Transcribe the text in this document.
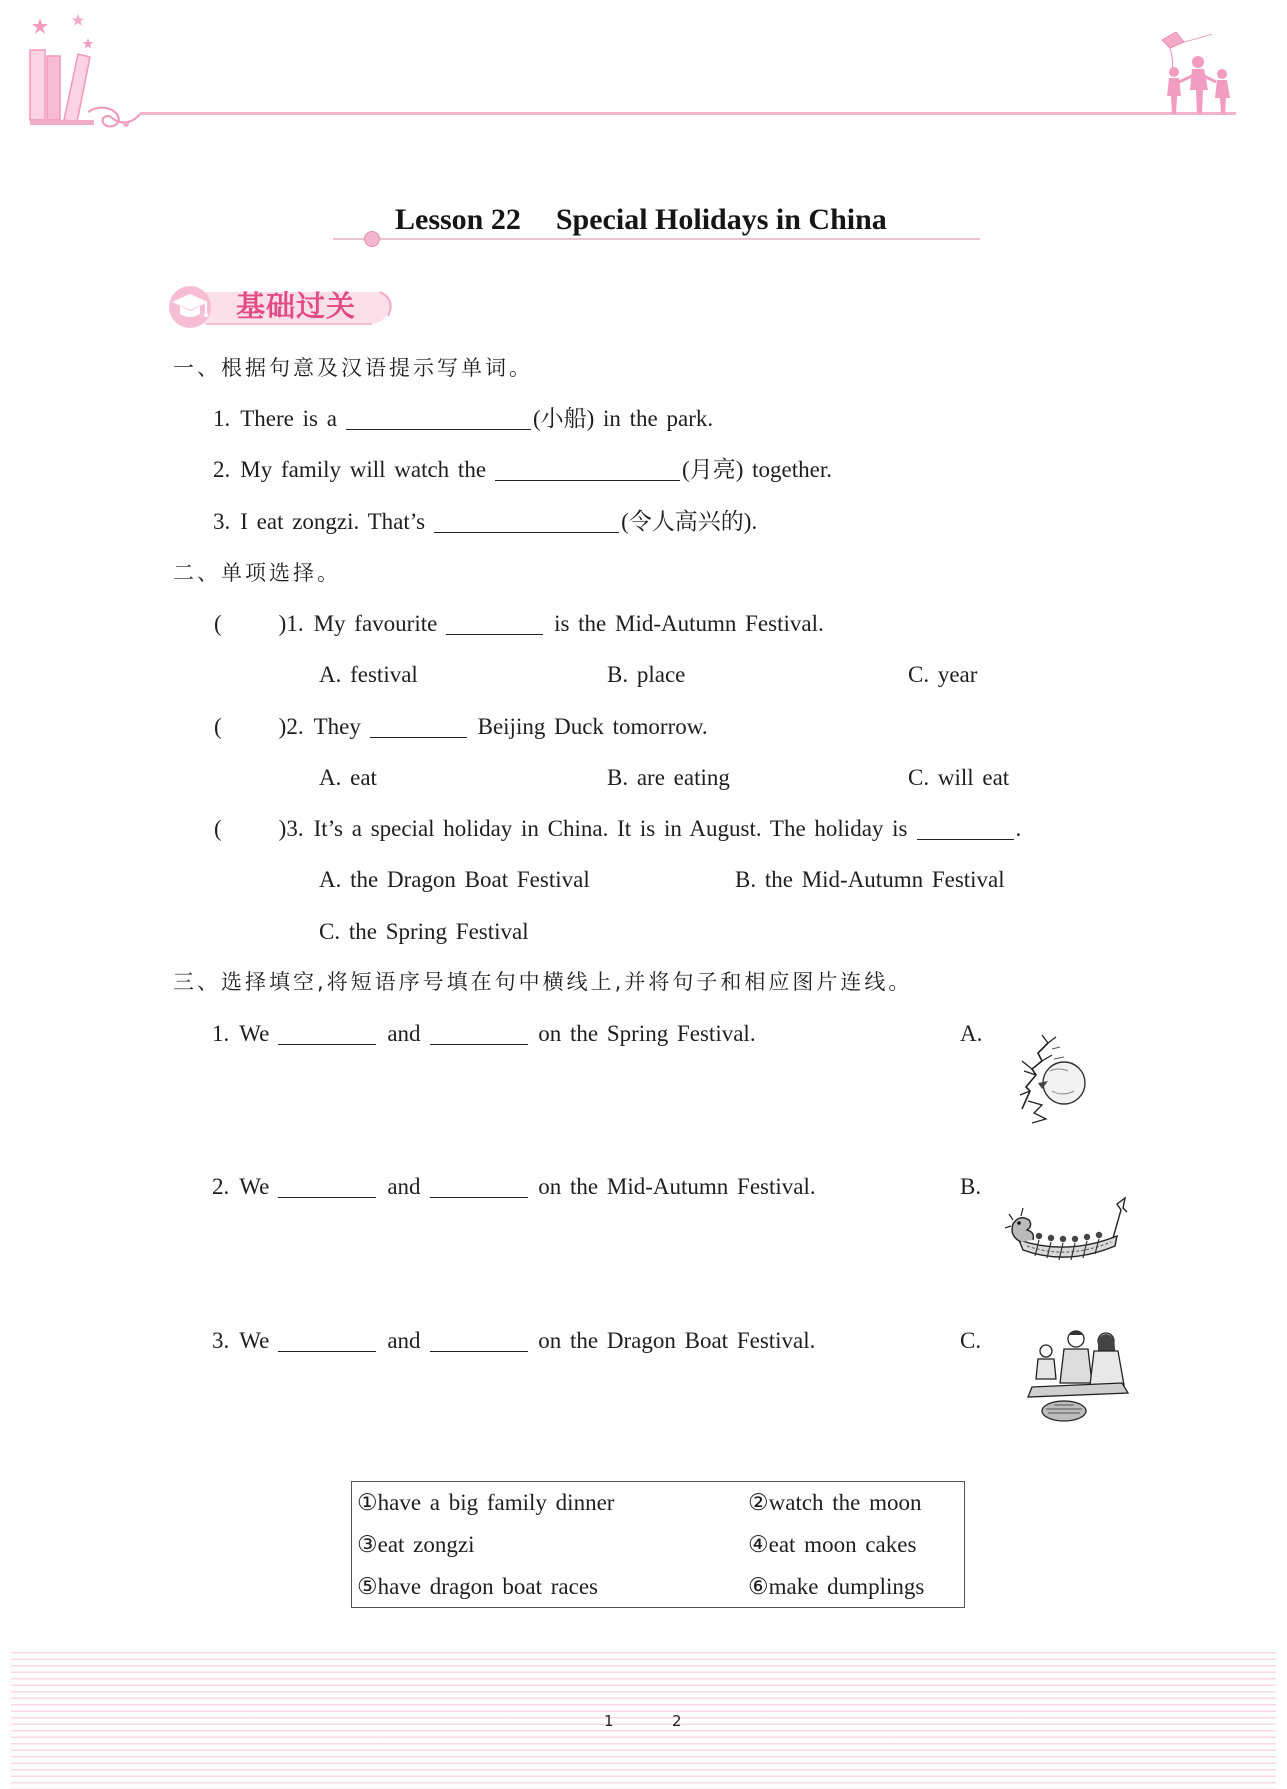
Lesson 22 Special Holidays in China
基础过关
一、根据句意及汉语提示写单词。
1. There is a	(小船) in the park.
2. My family will watch the	(月亮) together.
3. I eat zongzi. That’s	(令人高兴的).
二、单项选择。
( )1. My favourite	is the Mid-Autumn Festival.
A. festival	B. place	C. year
( )2. They	Beijing Duck tomorrow.
A. eat	B. are eating	C. will eat
( )3. It’s a special holiday in China. It is in August. The holiday is	.
A. the Dragon Boat Festival	B. the Mid-Autumn Festival
C. the Spring Festival
三、选择填空,将短语序号填在句中横线上,并将句子和相应图片连线。
1. We	and	on the Spring Festival.	A.
2. We	and	on the Mid-Autumn Festival.	B.
3. We	and	on the Dragon Boat Festival.	C.
①have a big family dinner	②watch the moon
③eat zongzi	④eat moon cakes
⑤have dragon boat races	⑥make dumplings
1	2
